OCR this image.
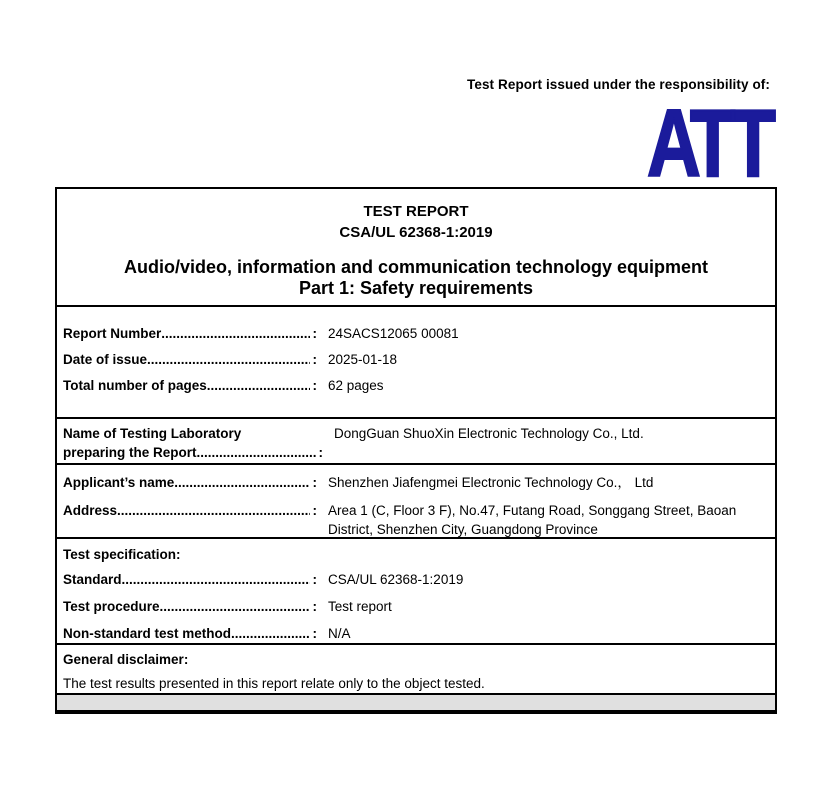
Test Report issued under the responsibility of:
ATT
TEST REPORT
CSA/UL 62368-1:2019
Audio/video, information and communication technology equipment
Part 1: Safety requirements
Report Number .....	: 24SACS12065 00081
Date of issue .....	: 2025-01-18
Total number of pages .....	: 62 pages
Name of Testing Laboratory
preparing the Report .....	:
DongGuan ShuoXin Electronic Technology Co., Ltd.
Applicant’s name .....	: Shenzhen Jiafengmei Electronic Technology Co.， Ltd
Address .....	: Area 1 (C, Floor 3 F), No.47, Futang Road, Songgang Street, Baoan District, Shenzhen City, Guangdong Province
Test specification:
Standard .....	: CSA/UL 62368-1:2019
Test procedure .....	: Test report
Non-standard test method .....	: N/A
General disclaimer:
The test results presented in this report relate only to the object tested.
